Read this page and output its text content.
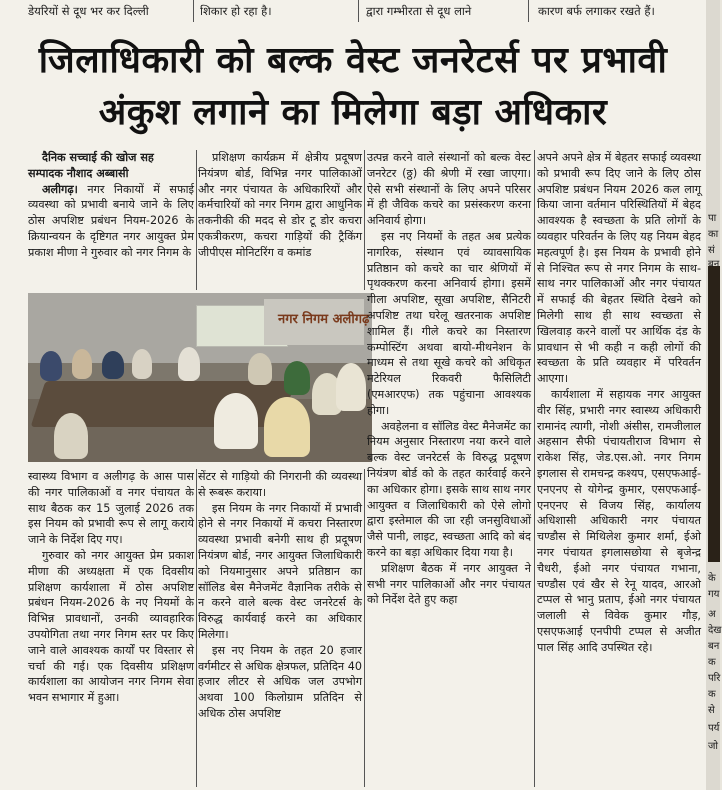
डेयरियों से दूध भर कर दिल्ली	शिकार हो रहा है।	द्वारा गम्भीरता से दूध लाने	कारण बर्फ लगाकर रखते हैं।
जिलाधिकारी को बल्क वेस्ट जनरेटर्स पर प्रभावी
अंकुश लगाने का मिलेगा बड़ा अधिकार

दैनिक सच्चाई की खोज सह
सम्पादक नौशाद अब्बासी

अलीगढ़। नगर निकायों में सफाई व्यवस्था को प्रभावी बनाये जाने के लिए ठोस अपशिष्ट प्रबंधन नियम-2026 के क्रियान्वयन के दृष्टिगत नगर आयुक्त प्रेम प्रकाश मीणा ने गुरुवार को नगर निगम के

प्रशिक्षण कार्यक्रम में क्षेत्रीय प्रदूषण नियंत्रण बोर्ड, विभिन्न नगर पालिकाओं और नगर पंचायत के अधिकारियों और कर्मचारियों को नगर निगम द्वारा आधुनिक तकनीकी की मदद से डोर टू डोर कचरा एकत्रीकरण, कचरा गाड़ियों की ट्रैकिंग जीपीएस मोनिटरिंग व कमांड

नगर निगम अलीगढ़

स्वास्थ्य विभाग व अलीगढ़ के आस पास की नगर पालिकाओं व नगर पंचायत के साथ बैठक कर 15 जुलाई 2026 तक इस नियम को प्रभावी रूप से लागू कराये जाने के निर्देश दिए गए।

गुरुवार को नगर आयुक्त प्रेम प्रकाश मीणा की अध्यक्षता में एक दिवसीय प्रशिक्षण कार्यशाला में ठोस अपशिष्ट प्रबंधन नियम-2026 के नए नियमों के विभिन्न प्रावधानों, उनकी व्यावहारिक उपयोगिता तथा नगर निगम स्तर पर किए जाने वाले आवश्यक कार्यों पर विस्तार से चर्चा की गई। एक दिवसीय प्रशिक्षण कार्यशाला का आयोजन नगर निगम सेवा भवन सभागार में हुआ।

सेंटर से गाड़ियो की निगरानी की व्यवस्था से रूबरू कराया।

इस नियम के नगर निकायों में प्रभावी होने से नगर निकायों में कचरा निस्तारण व्यवस्था प्रभावी बनेगी साथ ही प्रदूषण नियंत्रण बोर्ड, नगर आयुक्त जिलाधिकारी को नियमानुसार अपने प्रतिष्ठान का सॉलिड बेस मैनेजमेंट वैज्ञानिक तरीके से न करने वाले बल्क वेस्ट जनरेटर्स के विरुद्ध कार्यवाई करने का अधिकार मिलेगा।

इस नए नियम के तहत 20 हजार वर्गमीटर से अधिक क्षेत्रफल, प्रतिदिन 40 हजार लीटर से अधिक जल उपभोग अथवा 100 किलोग्राम प्रतिदिन से अधिक ठोस अपशिष्ट

उत्पन्न करने वाले संस्थानों को बल्क वेस्ट जनरेटर (ठ्ठ) की श्रेणी में रखा जाएगा। ऐसे सभी संस्थानों के लिए अपने परिसर में ही जैविक कचरे का प्रसंस्करण करना अनिवार्य होगा।

इस नए नियमों के तहत अब प्रत्येक नागरिक, संस्थान एवं व्यावसायिक प्रतिष्ठान को कचरे का चार श्रेणियों में पृथक्करण करना अनिवार्य होगा। इसमें गीला अपशिष्ट, सूखा अपशिष्ट, सैनिटरी अपशिष्ट तथा घरेलू खतरनाक अपशिष्ट शामिल हैं। गीले कचरे का निस्तारण कम्पोस्टिंग अथवा बायो-मीथनेशन के माध्यम से तथा सूखे कचरे को अधिकृत मटेरियल रिकवरी फैसिलिटी (एमआरएफ) तक पहुंचाना आवश्यक होगा।

अवहेलना व सॉलिड वेस्ट मैनेजमेंट का नियम अनुसार निस्तारण नया करने वाले बल्क वेस्ट जनरेटर्स के विरुद्ध प्रदूषण नियंत्रण बोर्ड को के तहत कार्रवाई करने का अधिकार होगा। इसके साथ साथ नगर आयुक्त व जिलाधिकारी को ऐसे लोगो द्वारा इस्तेमाल की जा रही जनसुविधाओं जैसे पानी, लाइट, स्वच्छता आदि को बंद करने का बड़ा अधिकार दिया गया है।

प्रशिक्षण बैठक में नगर आयुक्त ने सभी नगर पालिकाओं और नगर पंचायत को निर्देश देते हुए कहा

अपने अपने क्षेत्र में बेहतर सफाई व्यवस्था को प्रभावी रूप दिए जाने के लिए ठोस अपशिष्ट प्रबंधन नियम 2026 कल लागू किया जाना वर्तमान परिस्थितियों में बेहद आवश्यक है स्वच्छता के प्रति लोगों के व्यवहार परिवर्तन के लिए यह नियम बेहद महत्वपूर्ण है। इस नियम के प्रभावी होने से निश्चित रूप से नगर निगम के साथ-साथ नगर पालिकाओं और नगर पंचायत में सफाई की बेहतर स्थिति देखने को मिलेगी साथ ही साथ स्वच्छता से खिलवाड़ करने वालों पर आर्थिक दंड के प्रावधान से भी कही न कही लोगों की स्वच्छता के प्रति व्यवहार में परिवर्तन आएगा।

कार्यशाला में सहायक नगर आयुक्त वीर सिंह, प्रभारी नगर स्वास्थ्य अधिकारी रामानंद त्यागी, नोशी अंसीस, रामजीलाल अहसान सैफी पंचायतीराज विभाग से राकेश सिंह, जेड.एस.ओ. नगर निगम इगलास से रामचन्द्र कश्यप, एसएफआई-एनएनए से योगेन्द्र कुमार, एसएफआई-एनएनए से विजय सिंह, कार्यालय अधिशासी अधिकारी नगर पंचायत चण्डौस से मिथिलेश कुमार शर्मा, ईओ नगर पंचायत इगलासछोया से बृजेन्द्र चैधरी, ईओ नगर पंचायत गभाना, चण्डौस एवं खैर से रेनू यादव, आरओ टप्पल से भानु प्रताप, ईओ नगर पंचायत जलाली से विवेक कुमार गौड़, एसएफआई एनपीपी टप्पल से अजीत पाल सिंह आदि उपस्थित रहे।

पा
का
सं
बन
के
गय
अ
देख
बन
क
परि
क
से
पर्य
जो
